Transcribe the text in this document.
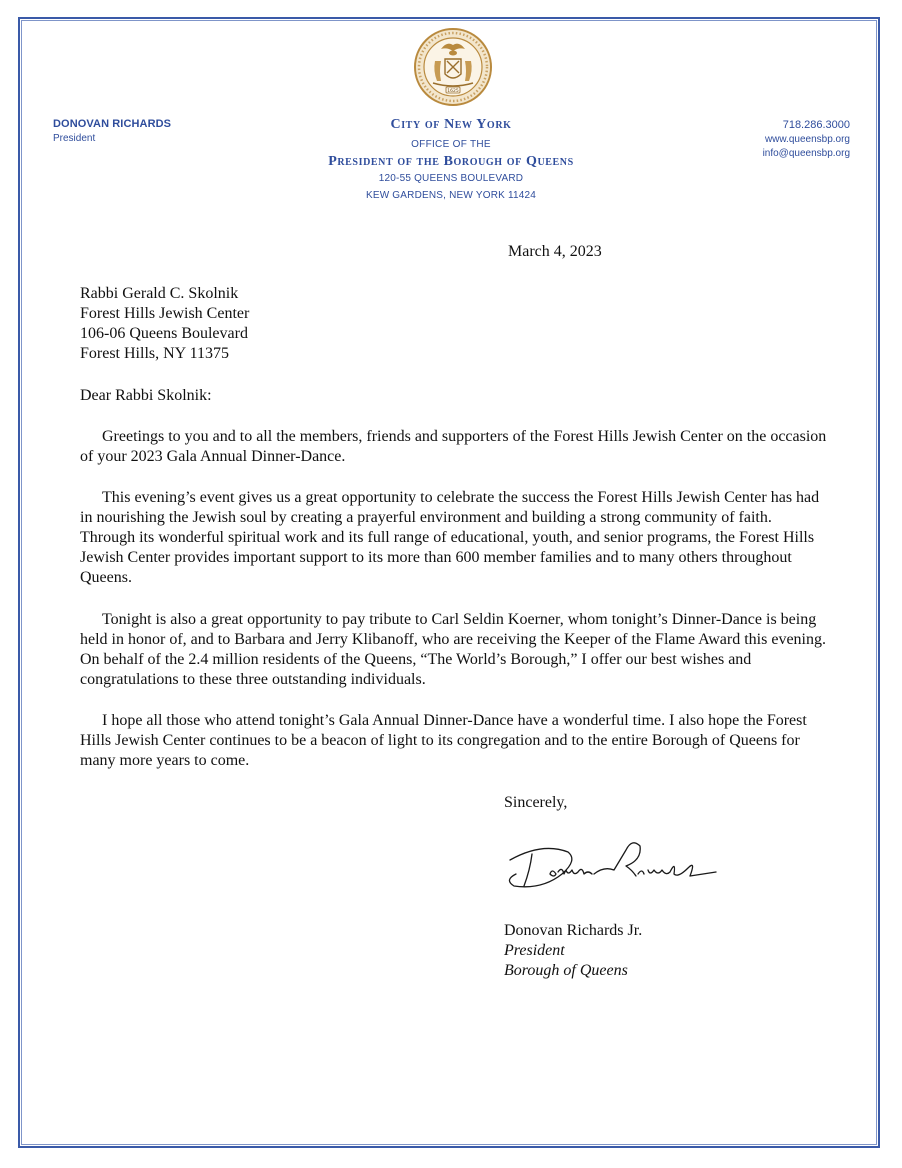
1625
DONOVAN RICHARDS
President
City of New York
OFFICE OF THE
President of the Borough of Queens
120-55 QUEENS BOULEVARD
KEW GARDENS, NEW YORK 11424
718.286.3000
www.queensbp.org
info@queensbp.org
March 4, 2023
Rabbi Gerald C. Skolnik
Forest Hills Jewish Center
106-06 Queens Boulevard
Forest Hills, NY 11375
Dear Rabbi Skolnik:

Greetings to you and to all the members, friends and supporters of the Forest Hills Jewish Center on the occasion of your 2023 Gala Annual Dinner-Dance.

This evening’s event gives us a great opportunity to celebrate the success the Forest Hills Jewish Center has had in nourishing the Jewish soul by creating a prayerful environment and building a strong community of faith. Through its wonderful spiritual work and its full range of educational, youth, and senior programs, the Forest Hills Jewish Center provides important support to its more than 600 member families and to many others throughout Queens.

Tonight is also a great opportunity to pay tribute to Carl Seldin Koerner, whom tonight’s Dinner-Dance is being held in honor of, and to Barbara and Jerry Klibanoff, who are receiving the Keeper of the Flame Award this evening. On behalf of the 2.4 million residents of the Queens, “The World’s Borough,” I offer our best wishes and congratulations to these three outstanding individuals.

I hope all those who attend tonight’s Gala Annual Dinner-Dance have a wonderful time. I also hope the Forest Hills Jewish Center continues to be a beacon of light to its congregation and to the entire Borough of Queens for many more years to come.

Sincerely,
Donovan Richards Jr.
President
Borough of Queens
